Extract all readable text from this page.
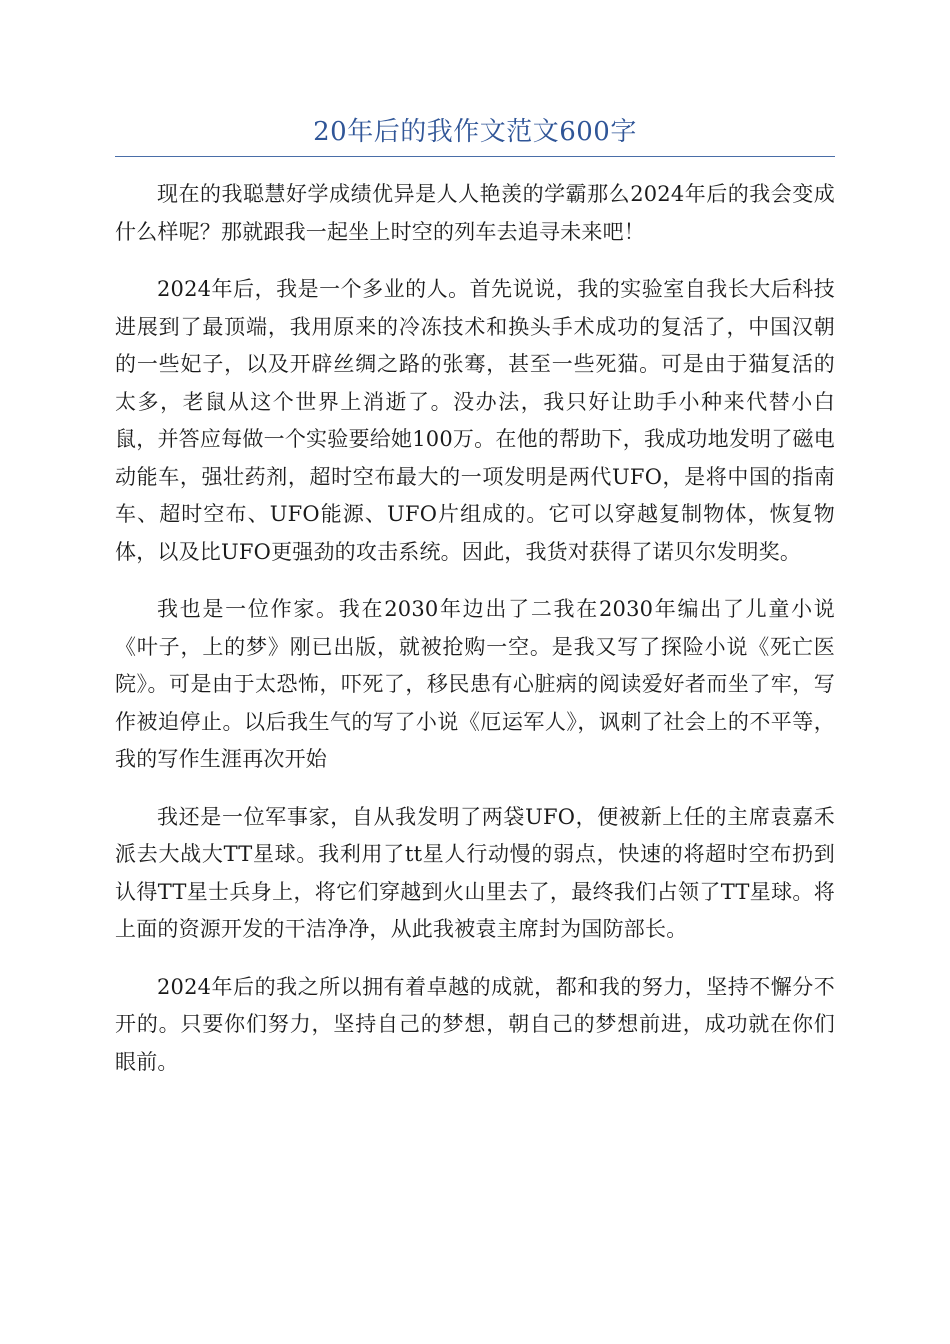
20年后的我作文范文600字

现在的我聪慧好学成绩优异是人人艳羡的学霸那么2024年后的我会变成什么样呢？那就跟我一起坐上时空的列车去追寻未来吧！

2024年后，我是一个多业的人。首先说说，我的实验室自我长大后科技进展到了最顶端，我用原来的冷冻技术和换头手术成功的复活了，中国汉朝的一些妃子，以及开辟丝绸之路的张骞，甚至一些死猫。可是由于猫复活的太多，老鼠从这个世界上消逝了。没办法，我只好让助手小种来代替小白鼠，并答应每做一个实验要给她100万。在他的帮助下，我成功地发明了磁电动能车，强壮药剂，超时空布最大的一项发明是两代UFO，是将中国的指南车、超时空布、UFO能源、UFO片组成的。它可以穿越复制物体，恢复物体，以及比UFO更强劲的攻击系统。因此，我货对获得了诺贝尔发明奖。

我也是一位作家。我在2030年边出了二我在2030年编出了儿童小说《叶子，上的梦》刚已出版，就被抢购一空。是我又写了探险小说《死亡医院》。可是由于太恐怖，吓死了，移民患有心脏病的阅读爱好者而坐了牢，写作被迫停止。以后我生气的写了小说《厄运军人》，讽刺了社会上的不平等，我的写作生涯再次开始

我还是一位军事家，自从我发明了两袋UFO，便被新上任的主席袁嘉禾派去大战大TT星球。我利用了tt星人行动慢的弱点，快速的将超时空布扔到认得TT星士兵身上，将它们穿越到火山里去了，最终我们占领了TT星球。将上面的资源开发的干洁净净，从此我被袁主席封为国防部长。

2024年后的我之所以拥有着卓越的成就，都和我的努力，坚持不懈分不开的。只要你们努力，坚持自己的梦想，朝自己的梦想前进，成功就在你们眼前。
